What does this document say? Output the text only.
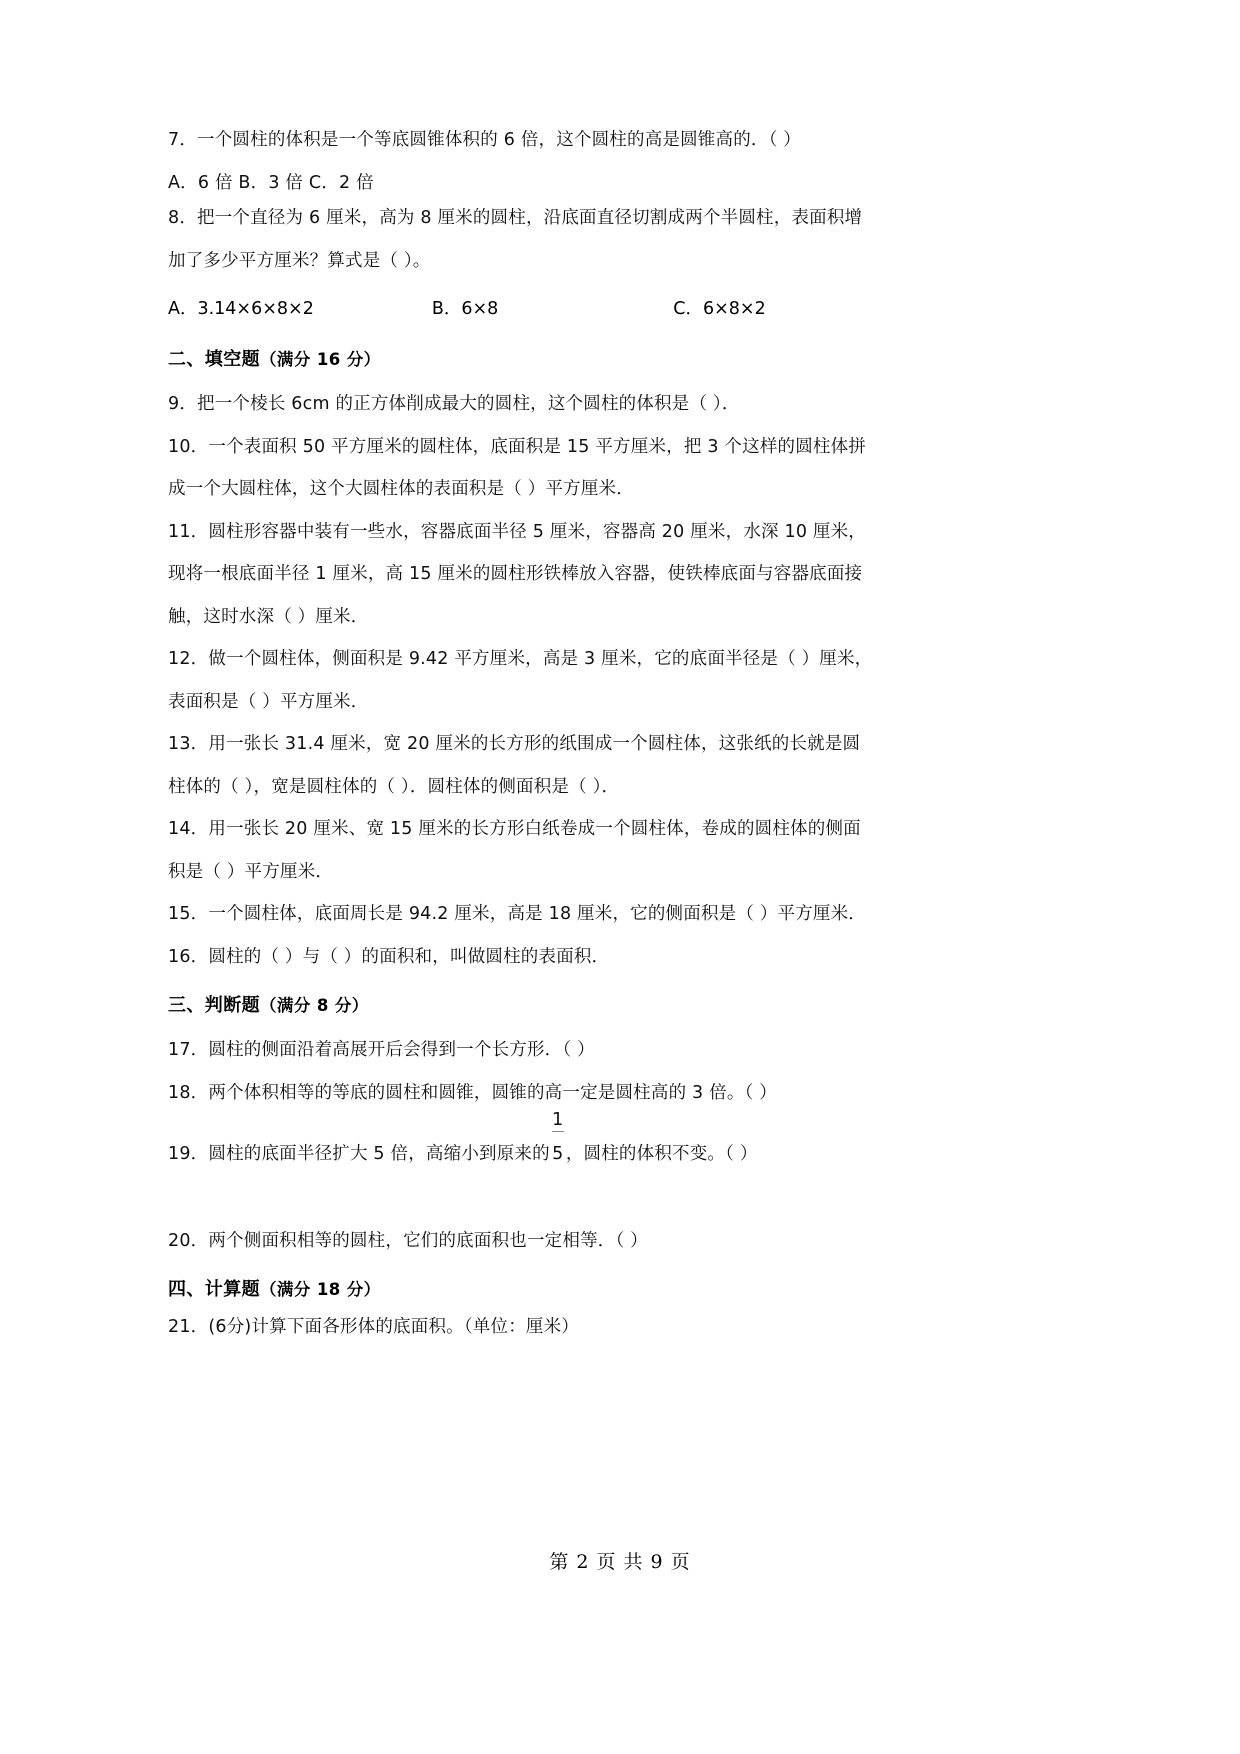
7．一个圆柱的体积是一个等底圆锥体积的 6 倍，这个圆柱的高是圆锥高的．（ ）
A．6 倍 B．3 倍 C．2 倍
8．把一个直径为 6 厘米，高为 8 厘米的圆柱，沿底面直径切割成两个半圆柱，表面积增
加了多少平方厘米？算式是（ ）。
A．3.14×6×8×2	B．6×8	C．6×8×2
二、填空题（满分 16 分）
9．把一个棱长 6cm 的正方体削成最大的圆柱，这个圆柱的体积是（ ）．
10．一个表面积 50 平方厘米的圆柱体，底面积是 15 平方厘米，把 3 个这样的圆柱体拼
成一个大圆柱体，这个大圆柱体的表面积是（ ）平方厘米．
11．圆柱形容器中装有一些水，容器底面半径 5 厘米，容器高 20 厘米，水深 10 厘米，
现将一根底面半径 1 厘米，高 15 厘米的圆柱形铁棒放入容器，使铁棒底面与容器底面接
触，这时水深（ ）厘米．
12．做一个圆柱体，侧面积是 9.42 平方厘米，高是 3 厘米，它的底面半径是（ ）厘米，
表面积是（ ）平方厘米．
13．用一张长 31.4 厘米，宽 20 厘米的长方形的纸围成一个圆柱体，这张纸的长就是圆
柱体的（ ），宽是圆柱体的（ ）．圆柱体的侧面积是（ ）．
14．用一张长 20 厘米、宽 15 厘米的长方形白纸卷成一个圆柱体，卷成的圆柱体的侧面
积是（ ）平方厘米．
15．一个圆柱体，底面周长是 94.2 厘米，高是 18 厘米，它的侧面积是（ ）平方厘米．
16．圆柱的（ ）与（ ）的面积和，叫做圆柱的表面积．
三、判断题（满分 8 分）
17．圆柱的侧面沿着高展开后会得到一个长方形．（ ）
18．两个体积相等的等底的圆柱和圆锥，圆锥的高一定是圆柱高的 3 倍。（ ）
19．圆柱的底面半径扩大 5 倍，高缩小到原来的 $\frac{1}{5}$，圆柱的体积不变。（ ）
20．两个侧面积相等的圆柱，它们的底面积也一定相等．（ ）
四、计算题（满分 18 分）
21．(6分)计算下面各形体的底面积。（单位：厘米）
第 2 页 共 9 页
